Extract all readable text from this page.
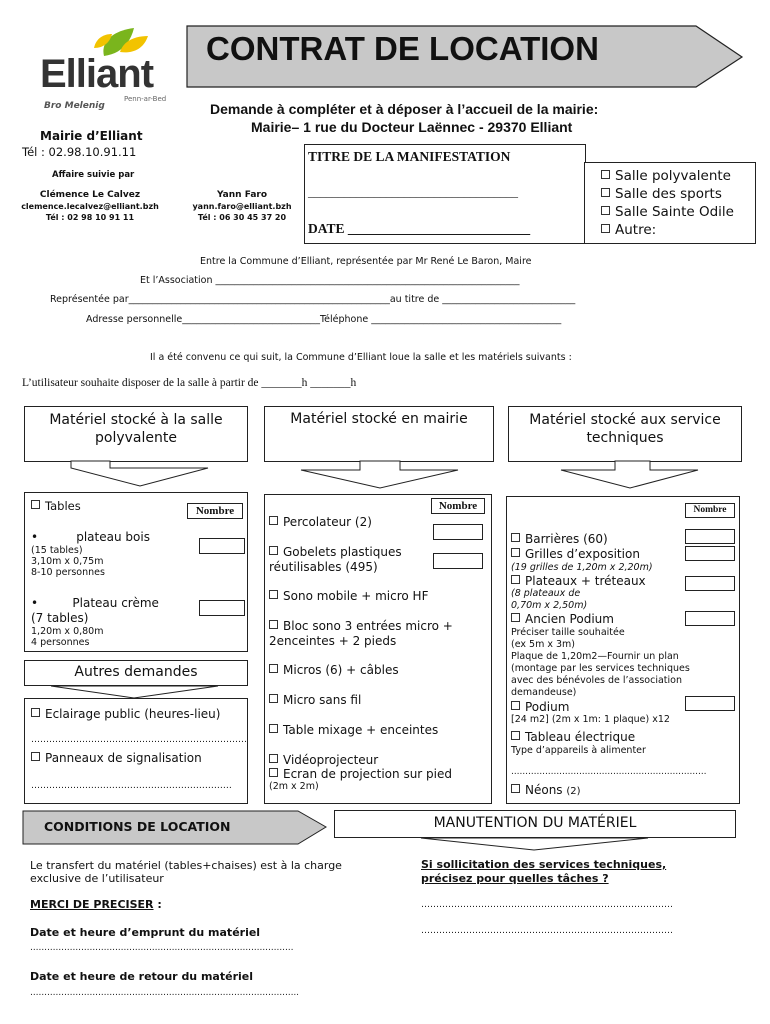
Elliant
Penn-ar-Bed
Bro Melenig
CONTRAT DE LOCATION
Demande à compléter et à déposer à l’accueil de la mairie:
Mairie– 1 rue du Docteur Laënnec - 29370 Elliant
Mairie d’Elliant
Tél : 02.98.10.91.11
Affaire suivie par
Clémence Le Calvez
clemence.lecalvez@elliant.bzh
Tél : 02 98 10 91 11
Yann Faro
yann.faro@elliant.bzh
Tél : 06 30 45 37 20
TITRE DE LA MANIFESTATION
___________________________________
DATE ___________________________
Salle polyvalente
Salle des sports
Salle Sainte Odile
Autre:
Entre la Commune d’Elliant, représentée par Mr René Le Baron, Maire
Et l’Association ________________________________________________________________
Représentée par_______________________________________________________au titre de ____________________________
Adresse personnelle_____________________________Téléphone ________________________________________
Il a été convenu ce qui suit, la Commune d’Elliant loue la salle et les matériels suivants :
L’utilisateur souhaite disposer de la salle à partir de _______h _______h
Matériel stocké à la salle polyvalente
Matériel stocké en mairie	Matériel stocké aux service techniques
Tables	Nombre
•          plateau bois
(15 tables)
3,10m x 0,75m
8-10 personnes
•         Plateau crème
(7 tables)
1,20m x 0,80m
4 personnes
Autres demandes
Eclairage public (heures-lieu)
………………………………………………………………
Panneaux de signalisation
……………….…………………………………………
Nombre
Percolateur (2)
Gobelets plastiques réutilisables (495)
Sono mobile + micro HF
Bloc sono 3 entrées micro + 2enceintes + 2 pieds
Micros (6) + câbles
Micro sans fil
Table mixage + enceintes
Vidéoprojecteur
Ecran de projection sur pied
(2m x 2m)
Nombre
Barrières (60)
Grilles d’exposition
(19 grilles de 1,20m x 2,20m)
Plateaux + tréteaux
(8 plateaux de
0,70m x 2,50m)
Ancien Podium
Préciser taille souhaitée
(ex 5m x 3m)
Plaque de 1,20m2—Fournir un plan
(montage par les services techniques
avec des bénévoles de l’association
demandeuse)
Podium
[24 m2] (2m x 1m: 1 plaque) x12
Tableau électrique
Type d’appareils à alimenter
……………………………………………………………
Néons (2)
CONDITIONS DE LOCATION
Le transfert du matériel (tables+chaises) est à la charge
exclusive de l’utilisateur
MERCI DE PRECISER :
Date et heure d’emprunt du matériel
…………………………………………………………………………………
Date et heure de retour du matériel
…………………………………………………………………………………..
MANUTENTION DU MATÉRIEL
Si sollicitation des services techniques,
précisez pour quelles tâches ?
…………………………………………………………………………
…………………………………………………………………………
